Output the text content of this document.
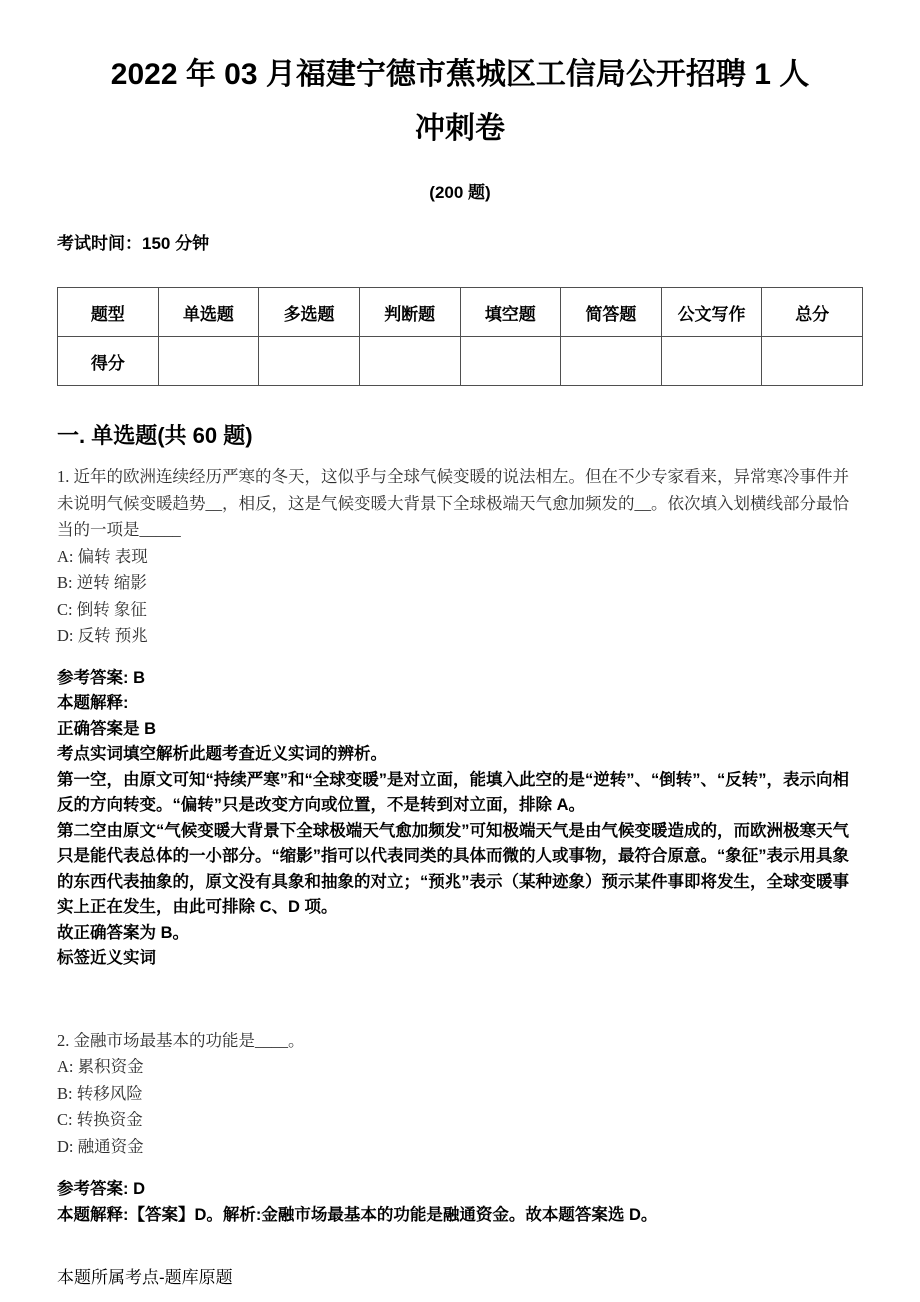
2022 年 03 月福建宁德市蕉城区工信局公开招聘 1 人
冲刺卷
(200 题)
考试时间：150 分钟
题型	单选题	多选题	判断题	填空题	简答题	公文写作	总分
得分							
一. 单选题(共 60 题)

1. 近年的欧洲连续经历严寒的冬天，这似乎与全球气候变暖的说法相左。但在不少专家看来，异常寒冷事件并未说明气候变暖趋势__，相反，这是气候变暖大背景下全球极端天气愈加频发的__。依次填入划横线部分最恰当的一项是_____

A: 偏转 表现
B: 逆转 缩影
C: 倒转 象征
D: 反转 预兆

参考答案: B

本题解释:

正确答案是 B

考点实词填空解析此题考查近义实词的辨析。

第一空，由原文可知“持续严寒”和“全球变暖”是对立面，能填入此空的是“逆转”、“倒转”、“反转”，表示向相反的方向转变。“偏转”只是改变方向或位置，不是转到对立面，排除 A。

第二空由原文“气候变暖大背景下全球极端天气愈加频发”可知极端天气是由气候变暖造成的，而欧洲极寒天气只是能代表总体的一小部分。“缩影”指可以代表同类的具体而微的人或事物，最符合原意。“象征”表示用具象的东西代表抽象的，原文没有具象和抽象的对立；“预兆”表示（某种迹象）预示某件事即将发生，全球变暖事实上正在发生，由此可排除 C、D 项。

故正确答案为 B。

标签近义实词

2. 金融市场最基本的功能是____。

A: 累积资金
B: 转移风险
C: 转换资金
D: 融通资金

参考答案: D

本题解释:【答案】D。解析:金融市场最基本的功能是融通资金。故本题答案选 D。

本题所属考点-题库原题
